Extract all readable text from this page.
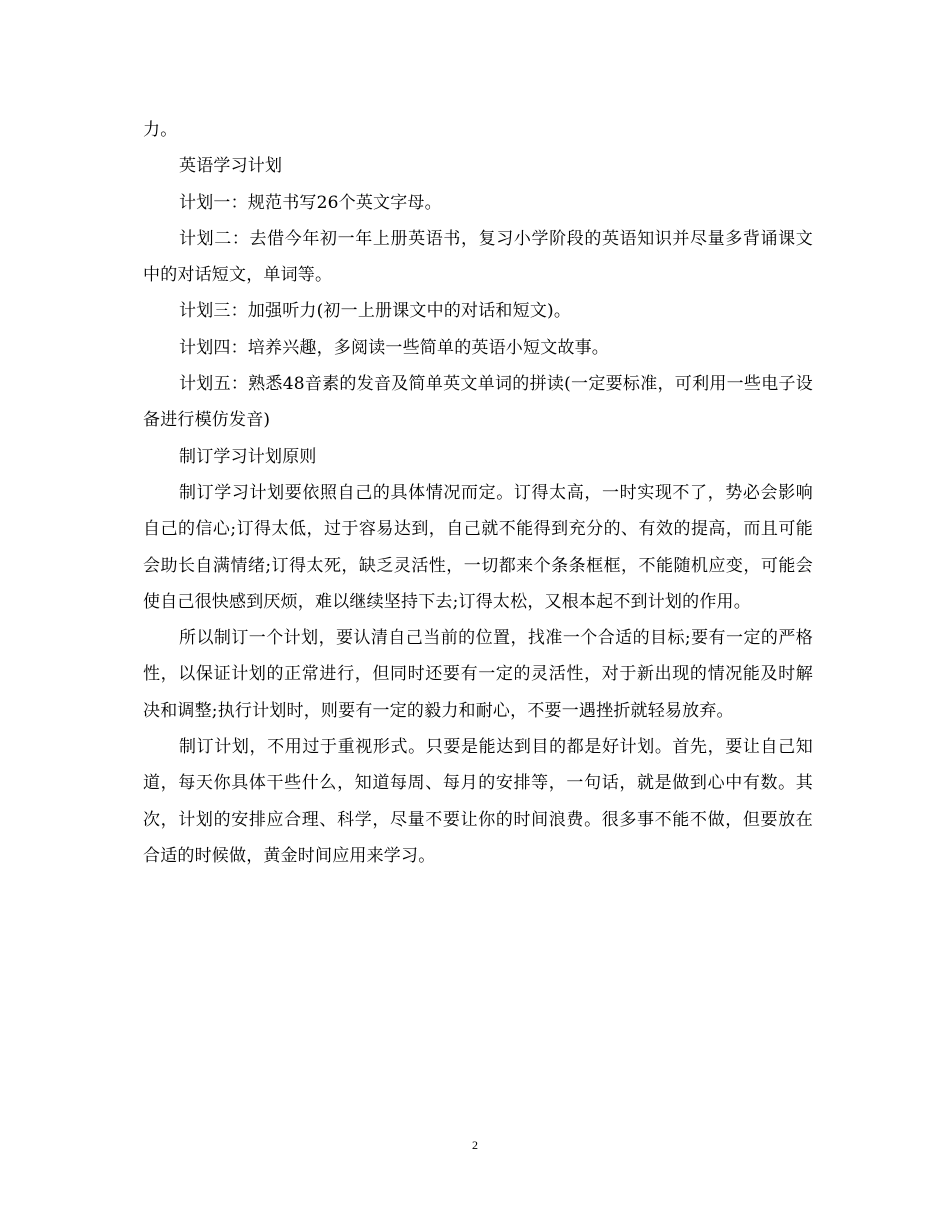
力。

英语学习计划

计划一：规范书写26个英文字母。

计划二：去借今年初一年上册英语书，复习小学阶段的英语知识并尽量多背诵课文中的对话短文，单词等。

计划三：加强听力(初一上册课文中的对话和短文)。

计划四：培养兴趣，多阅读一些简单的英语小短文故事。

计划五：熟悉48音素的发音及简单英文单词的拼读(一定要标准，可利用一些电子设备进行模仿发音)

制订学习计划原则

制订学习计划要依照自己的具体情况而定。订得太高，一时实现不了，势必会影响自己的信心;订得太低，过于容易达到，自己就不能得到充分的、有效的提高，而且可能会助长自满情绪;订得太死，缺乏灵活性，一切都来个条条框框，不能随机应变，可能会使自己很快感到厌烦，难以继续坚持下去;订得太松，又根本起不到计划的作用。

所以制订一个计划，要认清自己当前的位置，找准一个合适的目标;要有一定的严格性，以保证计划的正常进行，但同时还要有一定的灵活性，对于新出现的情况能及时解决和调整;执行计划时，则要有一定的毅力和耐心，不要一遇挫折就轻易放弃。

制订计划，不用过于重视形式。只要是能达到目的都是好计划。首先，要让自己知道，每天你具体干些什么，知道每周、每月的安排等，一句话，就是做到心中有数。其次，计划的安排应合理、科学，尽量不要让你的时间浪费。很多事不能不做，但要放在合适的时候做，黄金时间应用来学习。

2
